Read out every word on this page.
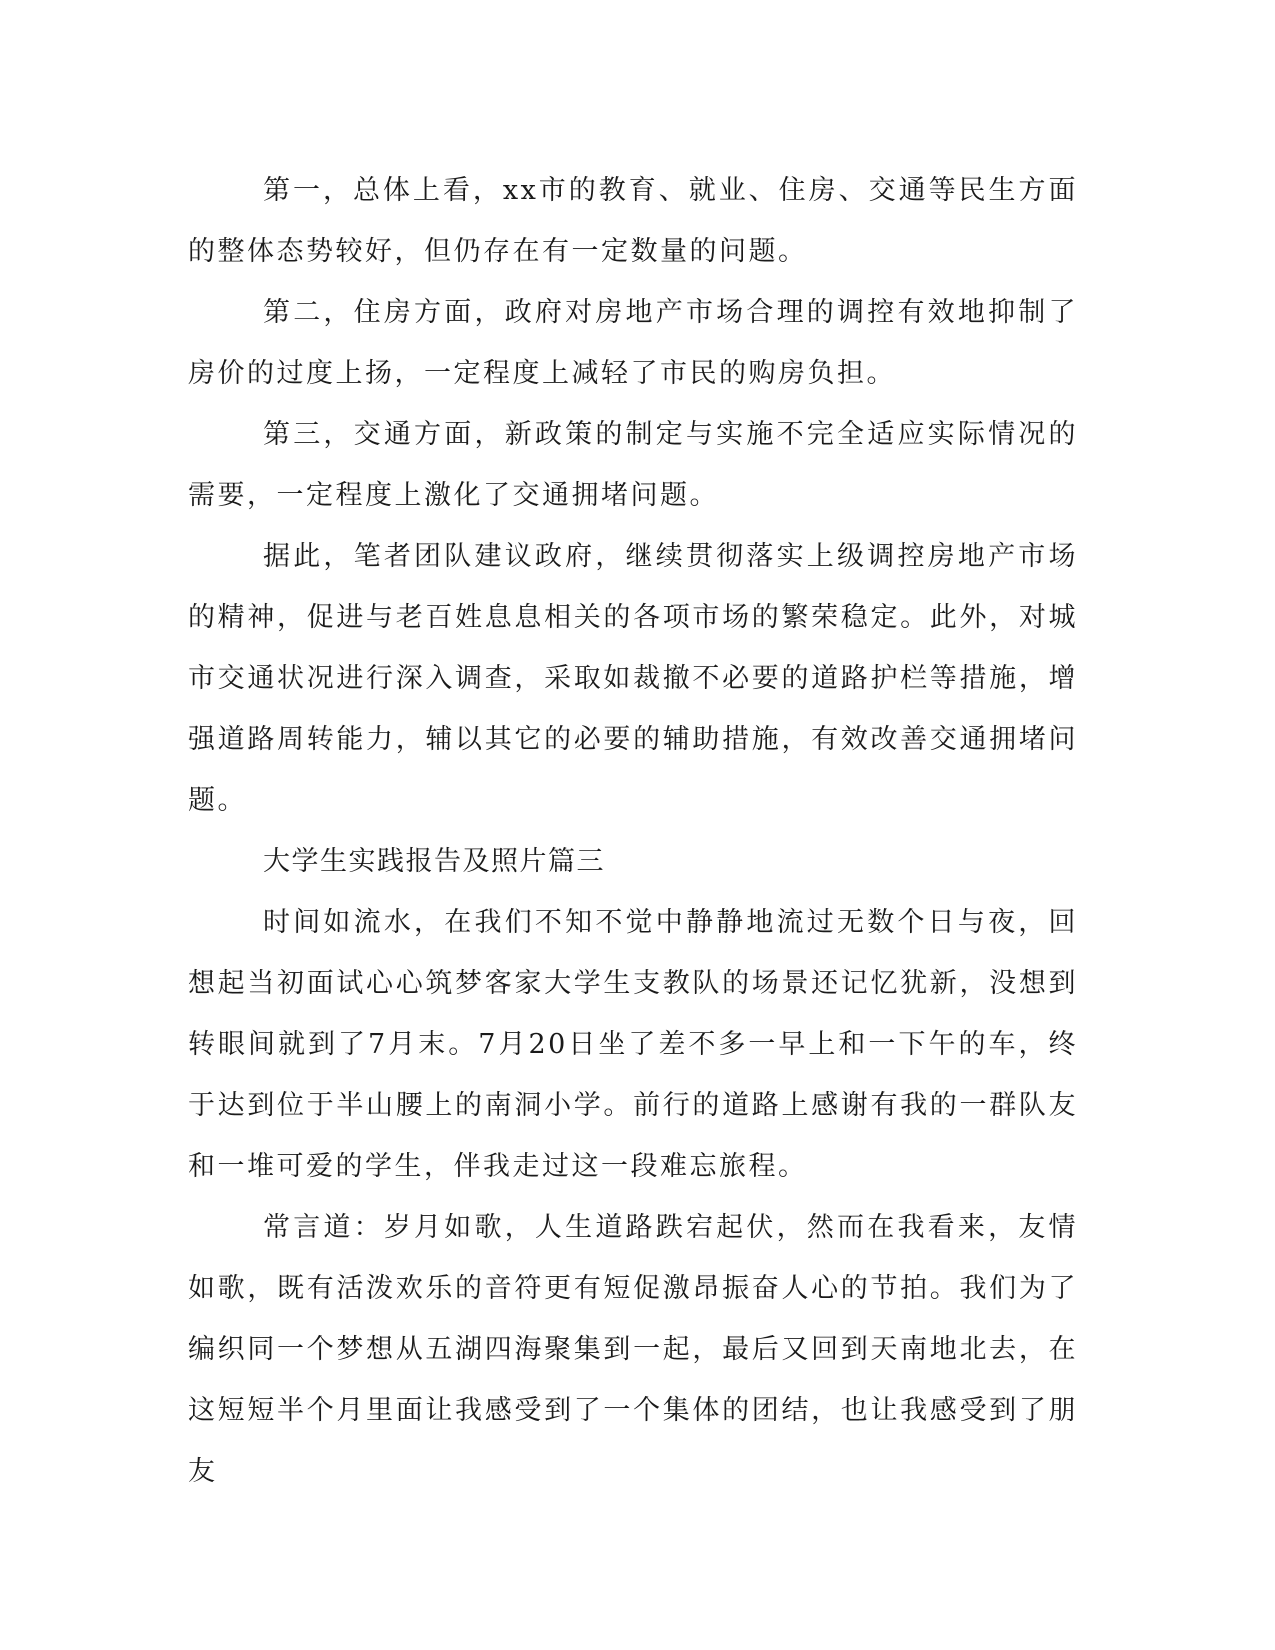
第一，总体上看，xx市的教育、就业、住房、交通等民生方面的整体态势较好，但仍存在有一定数量的问题。

第二，住房方面，政府对房地产市场合理的调控有效地抑制了房价的过度上扬，一定程度上减轻了市民的购房负担。

第三，交通方面，新政策的制定与实施不完全适应实际情况的需要，一定程度上激化了交通拥堵问题。

据此，笔者团队建议政府，继续贯彻落实上级调控房地产市场的精神，促进与老百姓息息相关的各项市场的繁荣稳定。此外，对城市交通状况进行深入调查，采取如裁撤不必要的道路护栏等措施，增强道路周转能力，辅以其它的必要的辅助措施，有效改善交通拥堵问题。

大学生实践报告及照片篇三

时间如流水，在我们不知不觉中静静地流过无数个日与夜，回想起当初面试心心筑梦客家大学生支教队的场景还记忆犹新，没想到转眼间就到了7月末。7月20日坐了差不多一早上和一下午的车，终于达到位于半山腰上的南洞小学。前行的道路上感谢有我的一群队友和一堆可爱的学生，伴我走过这一段难忘旅程。

常言道：岁月如歌，人生道路跌宕起伏，然而在我看来，友情如歌，既有活泼欢乐的音符更有短促激昂振奋人心的节拍。我们为了编织同一个梦想从五湖四海聚集到一起，最后又回到天南地北去，在这短短半个月里面让我感受到了一个集体的团结，也让我感受到了朋友
